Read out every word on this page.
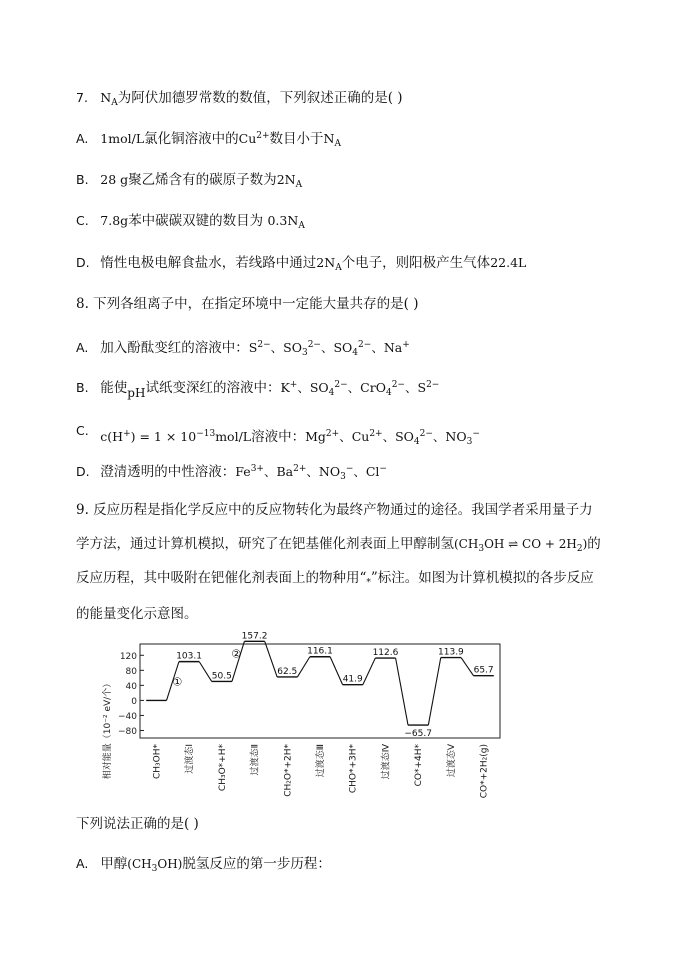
7. $N_A$为阿伏加德罗常数的数值，下列叙述正确的是( )
A. 1mol/L氯化铜溶液中的$Cu^{2+}$数目小于$N_A$
B. 28 g聚乙烯含有的碳原子数为$2N_A$
C. 7.8g苯中碳碳双键的数目为 $0.3N_A$
D. 惰性电极电解食盐水，若线路中通过$2N_A$个电子，则阳极产生气体22.4L
8. 下列各组离子中，在指定环境中一定能大量共存的是( )
A. 加入酚酞变红的溶液中：$S^{2-}$、$SO_3^{2-}$、$SO_4^{2-}$、Na+
B. 能使$_{pH}$试纸变深红的溶液中：K+、$SO_4^{2-}$、CrO$_4^{2-}$、$S^{2-}$
C. $c(H^+) = 1 \times 10^{-13}mol/L$溶液中：$Mg^{2+}$、$Cu^{2+}$、$SO_4^{2-}$、$NO_3^-$
D. 澄清透明的中性溶液：$Fe^{3+}$、$Ba^{2+}$、$NO_3^-$、Cl−
9. 反应历程是指化学反应中的反应物转化为最终产物通过的途径。我国学者采用量子力
学方法，通过计算机模拟，研究了在钯基催化剂表面上甲醇制氢($CH_3OH$ ⇌ CO + $2H_2$)的
反应历程，其中吸附在钯催化剂表面上的物种用“$_*$”标注。如图为计算机模拟的各步反应
的能量变化示意图。
120
80
40
0
−40
−80
相对能量（10⁻² eV/个）
103.1
50.5
157.2
62.5
116.1
41.9
112.6
−65.7
113.9
65.7
①
②
CH₃OH*	过渡态Ⅰ	CH₃O*+H*	过渡态Ⅱ	CH₂O*+2H*	过渡态Ⅲ	CHO*+3H*	过渡态Ⅳ	CO*+4H*	过渡态Ⅴ	CO*+2H₂(g)
下列说法正确的是( )
A. 甲醇$(CH_3OH)$脱氢反应的第一步历程：
